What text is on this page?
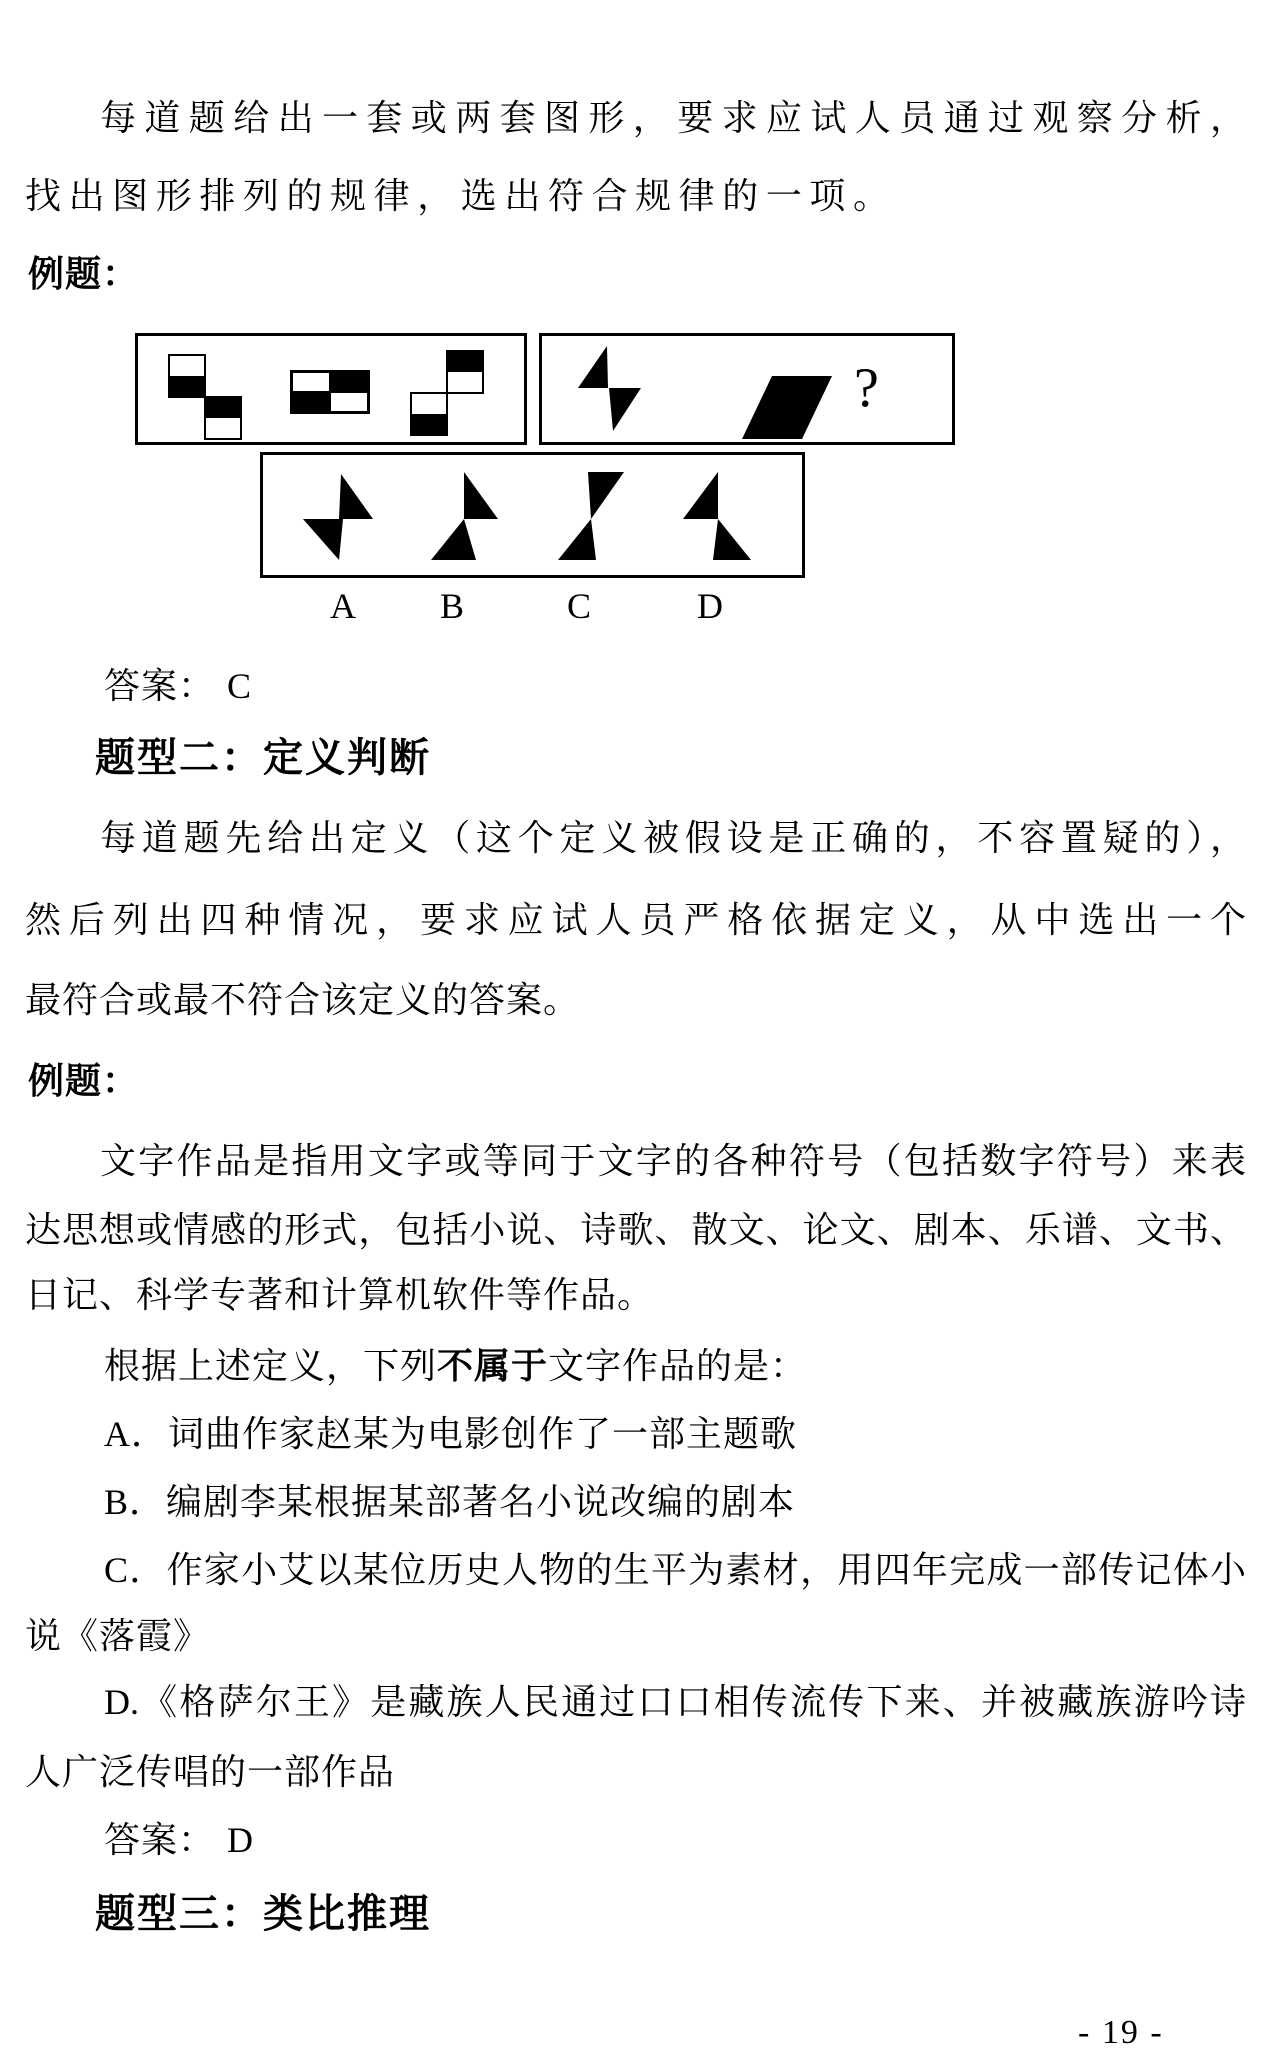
每道题给出一套或两套图形，要求应试人员通过观察分析，
找出图形排列的规律，选出符合规律的一项。
例题：
?
A B	C	D
答案： C
题型二：定义判断
每道题先给出定义（这个定义被假设是正确的，不容置疑的），
然后列出四种情况，要求应试人员严格依据定义，从中选出一个
最符合或最不符合该定义的答案。
例题：
文字作品是指用文字或等同于文字的各种符号（包括数字符号）来表
达思想或情感的形式，包括小说、诗歌、散文、论文、剧本、乐谱、文书、
日记、科学专著和计算机软件等作品。
根据上述定义，下列不属于文字作品的是：
A．词曲作家赵某为电影创作了一部主题歌
B．编剧李某根据某部著名小说改编的剧本
C．作家小艾以某位历史人物的生平为素材，用四年完成一部传记体小
说《落霞》
D.《格萨尔王》是藏族人民通过口口相传流传下来、并被藏族游吟诗
人广泛传唱的一部作品
答案： D
题型三：类比推理
- 19 -
